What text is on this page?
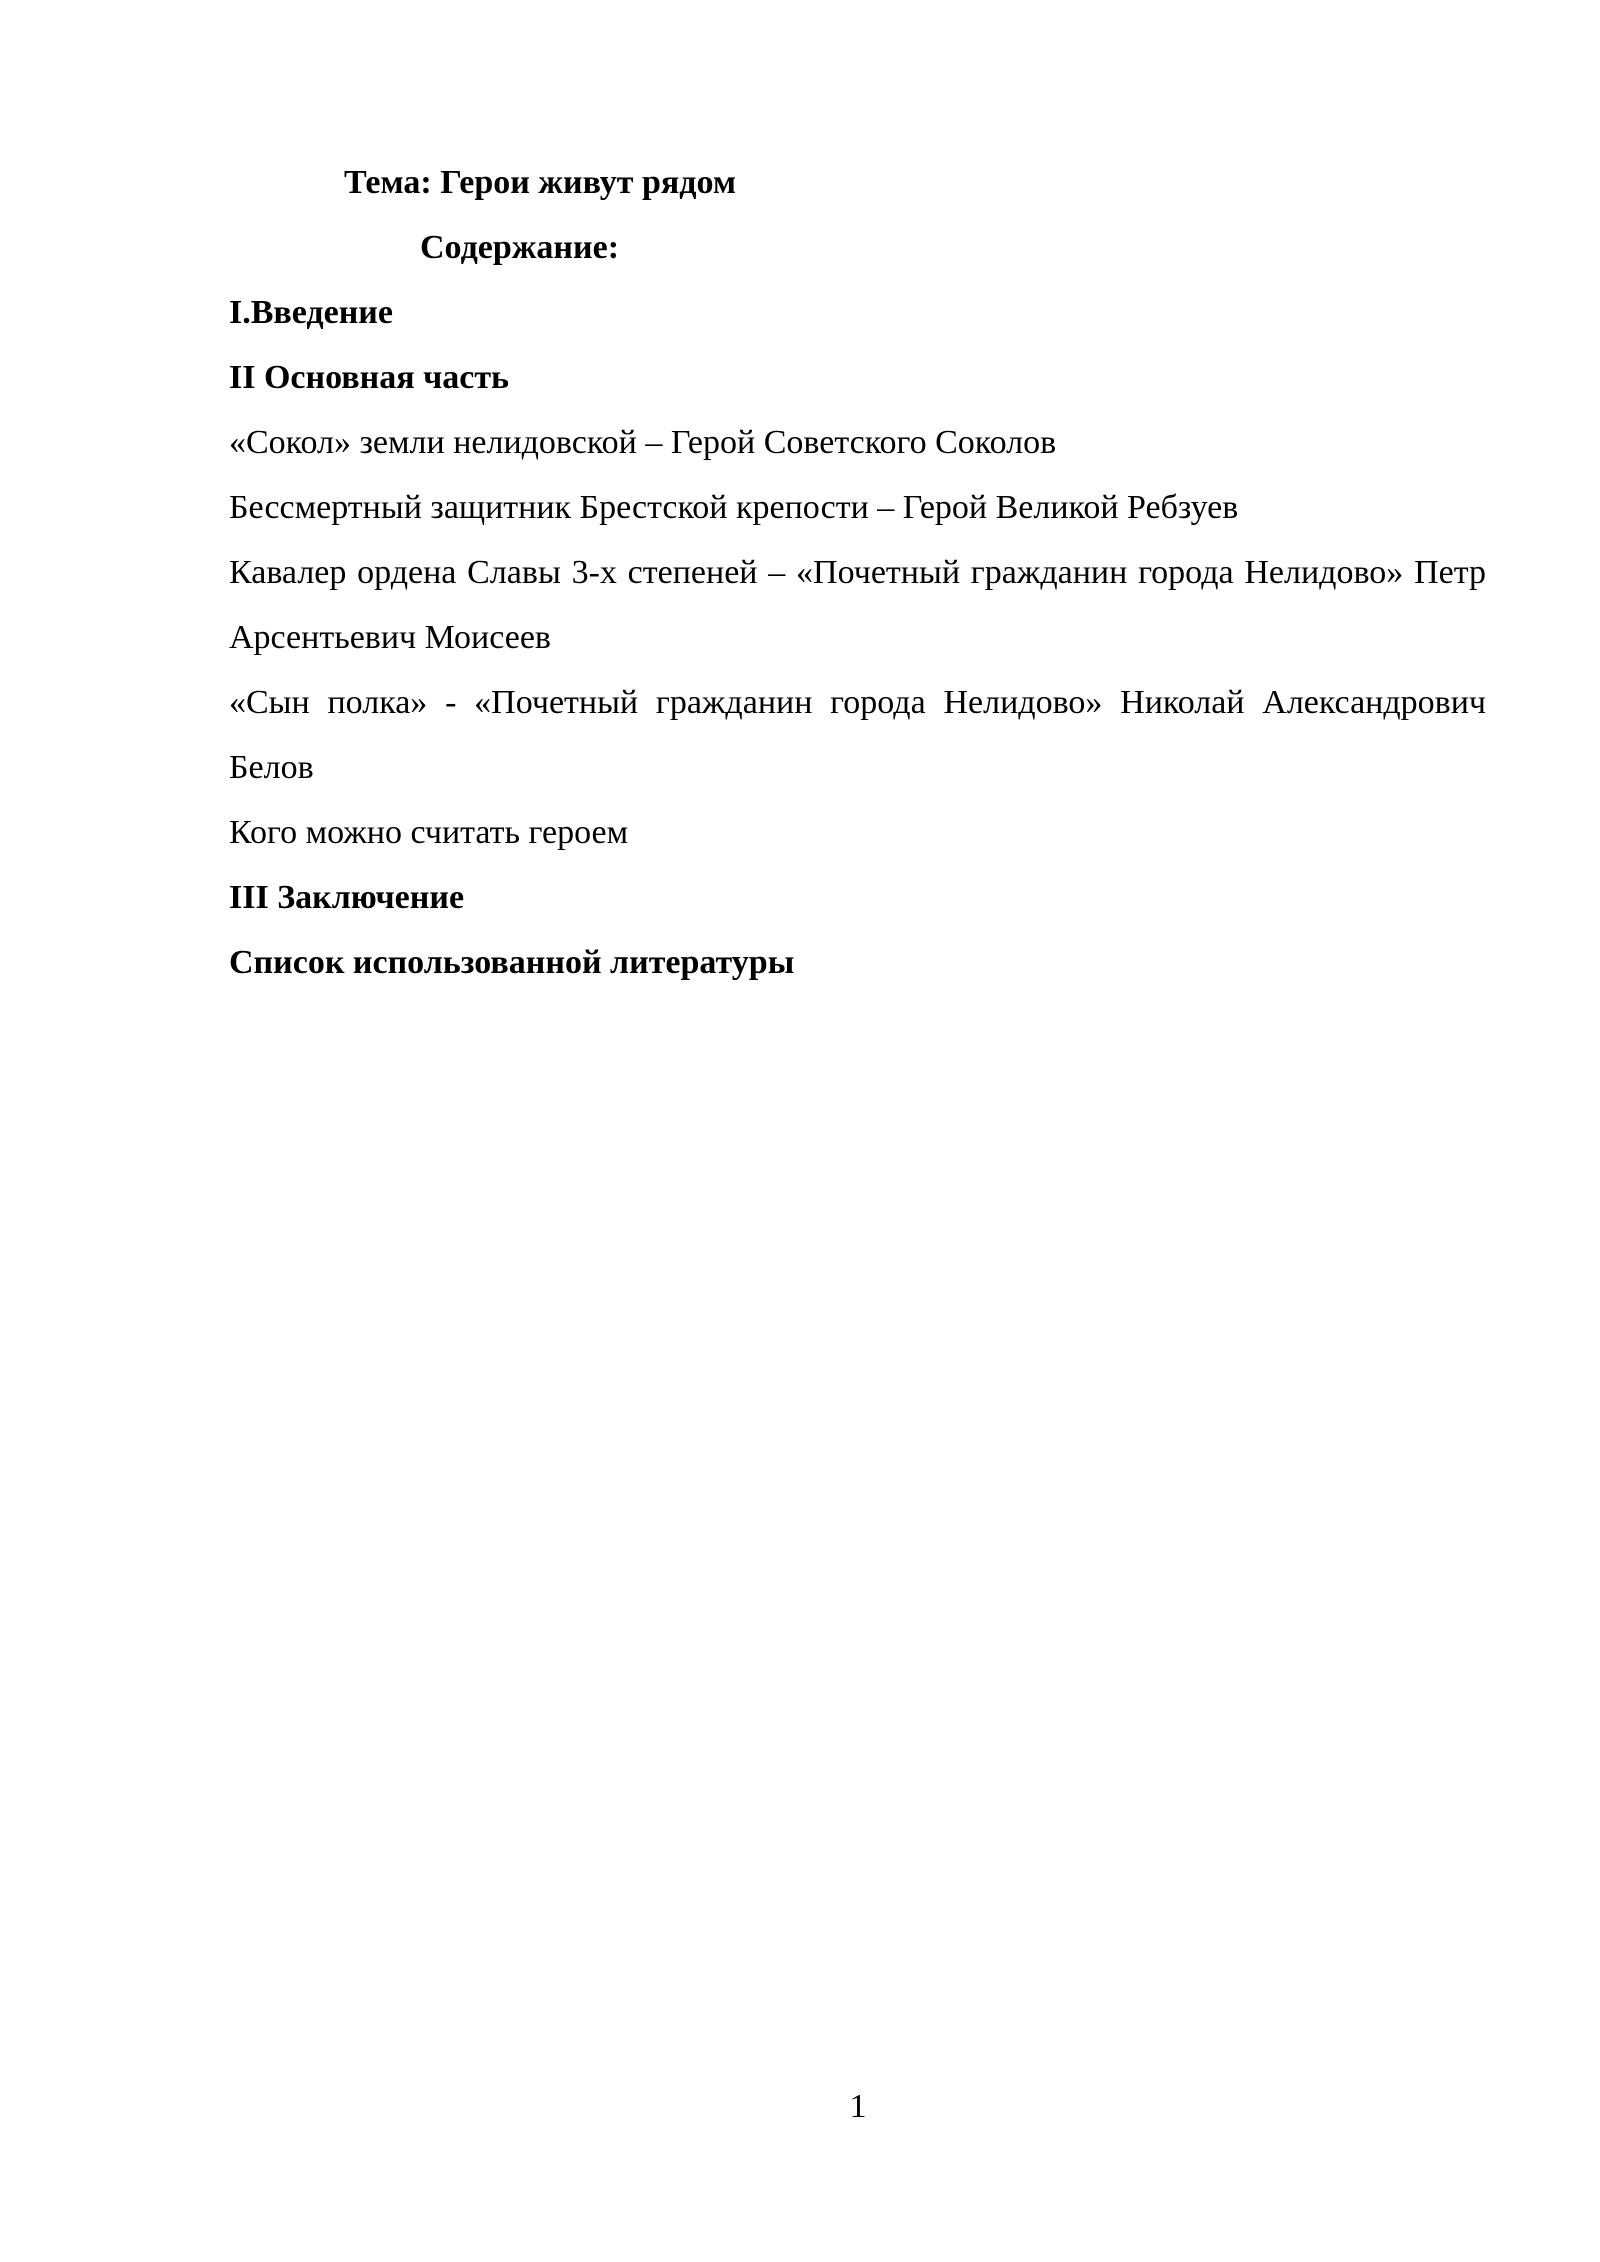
Тема: Герои живут рядом

Содержание:

I.Введение

II Основная часть

«Сокол» земли нелидовской – Герой Советского Соколов

Бессмертный защитник Брестской крепости – Герой Великой Ребзуев

Кавалер ордена Славы 3-х степеней – «Почетный гражданин города Нелидово» Петр Арсентьевич Моисеев

«Сын полка» - «Почетный гражданин города Нелидово» Николай Александрович Белов

Кого можно считать героем

III Заключение

Список использованной литературы

1
